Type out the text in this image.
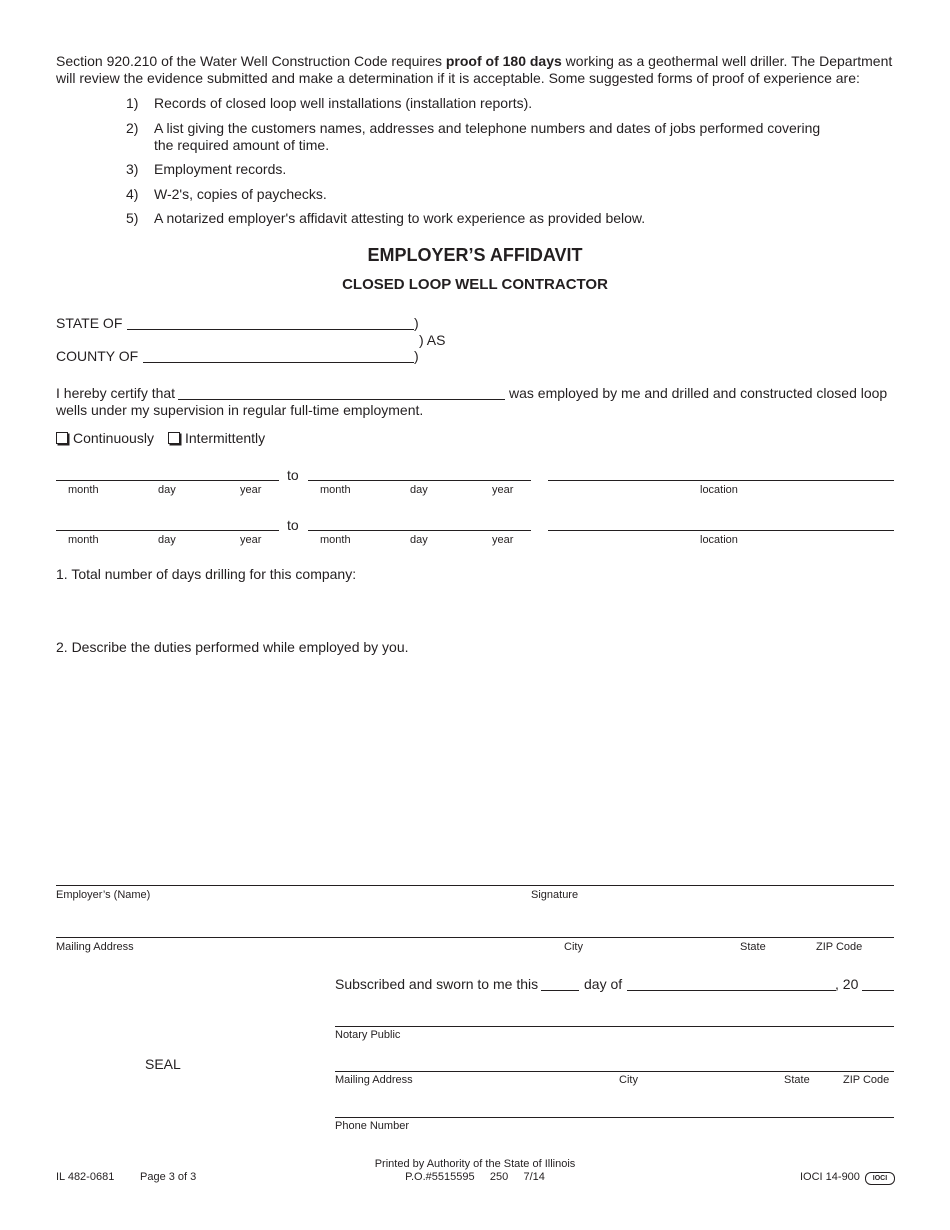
Section 920.210 of the Water Well Construction Code requires proof of 180 days working as a geothermal well driller. The Department will review the evidence submitted and make a determination if it is acceptable. Some suggested forms of proof of experience are:
1)	Records of closed loop well installations (installation reports).
2)	A list giving the customers names, addresses and telephone numbers and dates of jobs performed covering the required amount of time.
3)	Employment records.
4)	W-2's, copies of paychecks.
5)	A notarized employer's affidavit attesting to work experience as provided below.
EMPLOYER’S AFFIDAVIT
CLOSED LOOP WELL CONTRACTOR
STATE OF	)
) AS
COUNTY OF	)
I hereby certify that	was employed by me and drilled and constructed closed loop
wells under my supervision in regular full-time employment.
Continuously	Intermittently
to
month	day	year	month	day	year	location
to
month	day	year	month	day	year	location
1. Total number of days drilling for this company:
2. Describe the duties performed while employed by you.
Employer’s (Name)	Signature
Mailing Address	City	State	ZIP Code
Subscribed and sworn to me this	day of	, 20
Notary Public
SEAL
Mailing Address	City	State	ZIP Code
Phone Number
IL 482-0681 Page 3 of 3
Printed by Authority of the State of Illinois
P.O.#5515595     250     7/14	IOCI 14-900	IOCI
